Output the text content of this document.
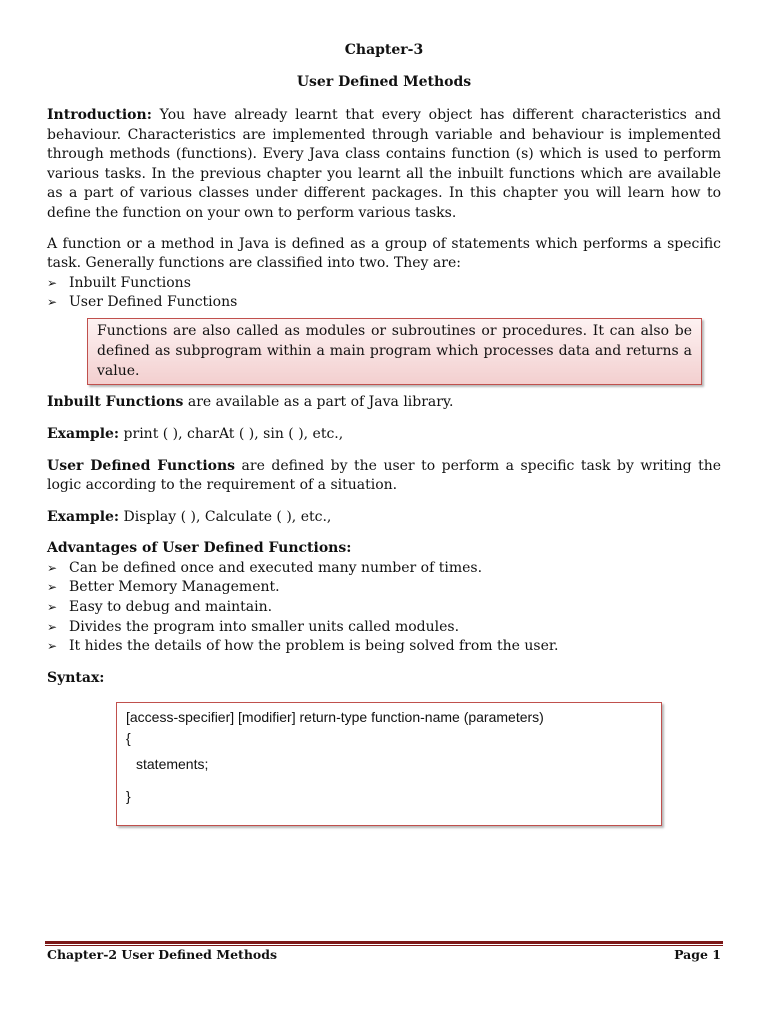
Chapter-3
User Defined Methods

Introduction: You have already learnt that every object has different characteristics and behaviour. Characteristics are implemented through variable and behaviour is implemented through methods (functions). Every Java class contains function (s) which is used to perform various tasks. In the previous chapter you learnt all the inbuilt functions which are available as a part of various classes under different packages. In this chapter you will learn how to define the function on your own to perform various tasks.

A function or a method in Java is defined as a group of statements which performs a specific task. Generally functions are classified into two. They are:

➢ Inbuilt Functions
➢ User Defined Functions
Functions are also called as modules or subroutines or procedures. It can also be defined as subprogram within a main program which processes data and returns a value.

Inbuilt Functions are available as a part of Java library.

Example: print ( ), charAt ( ), sin ( ), etc.,

User Defined Functions are defined by the user to perform a specific task by writing the logic according to the requirement of a situation.

Example: Display ( ), Calculate ( ), etc.,

Advantages of User Defined Functions:

➢ Can be defined once and executed many number of times.
➢ Better Memory Management.
➢ Easy to debug and maintain.
➢ Divides the program into smaller units called modules.
➢ It hides the details of how the problem is being solved from the user.

Syntax:

[access-specifier] [modifier] return-type function-name (parameters)
{
statements;
}
Chapter-2 User Defined Methods	Page 1
